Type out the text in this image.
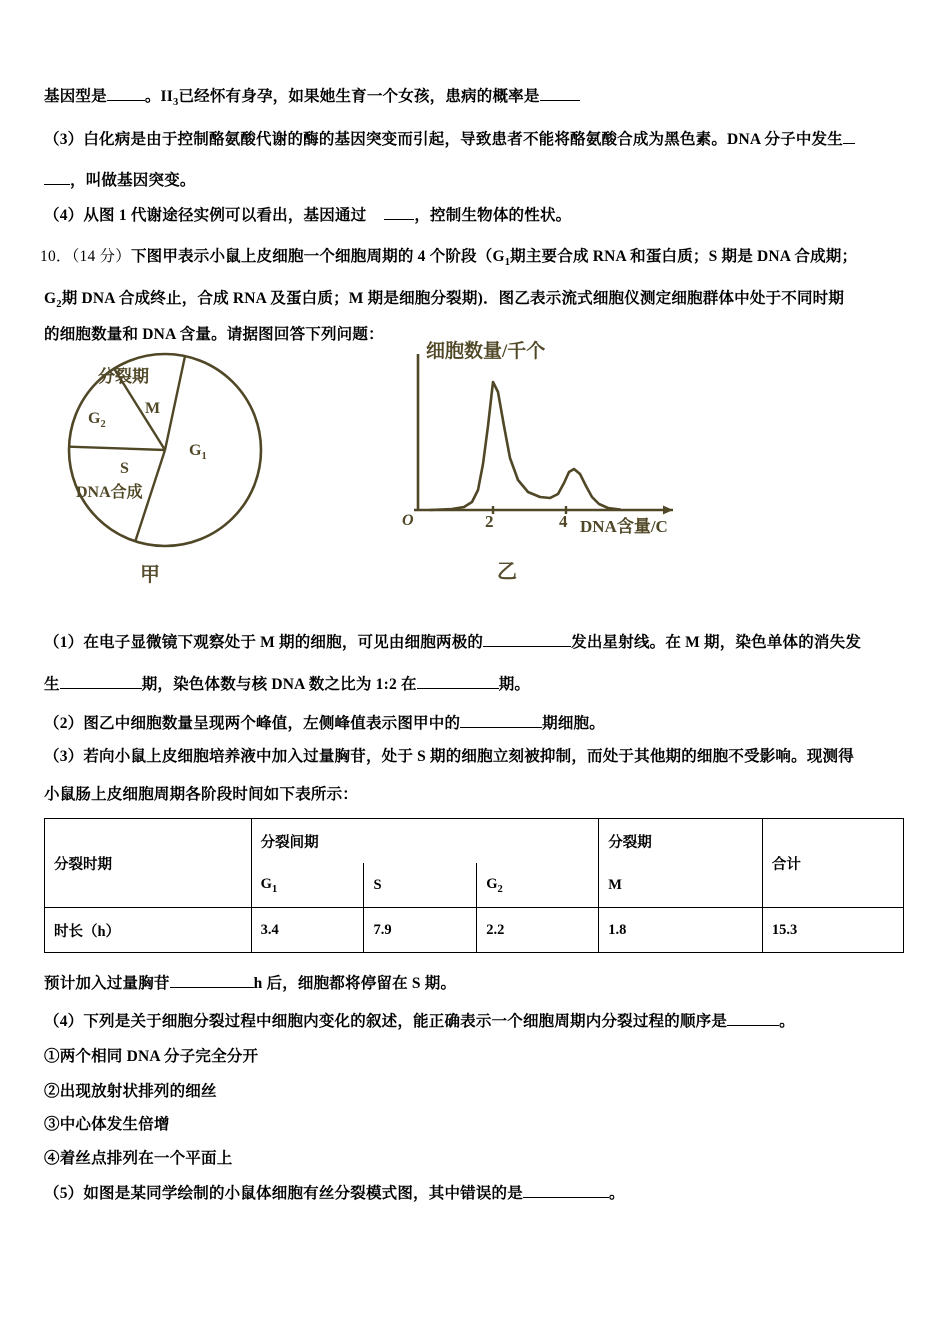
基因型是 。$II_3$已经怀有身孕，如果她生育一个女孩，患病的概率是
（3）白化病是由于控制酪氨酸代谢的酶的基因突变而引起，导致患者不能将酪氨酸合成为黑色素。DNA 分子中发生
，叫做基因突变。
（4）从图 1 代谢途径实例可以看出，基因通过	，控制生物体的性状。
10．（14 分）下图甲表示小鼠上皮细胞一个细胞周期的 4 个阶段（$G_1$期主要合成 RNA 和蛋白质；S 期是 DNA 合成期；
$G_2$期 DNA 合成终止，合成 RNA 及蛋白质；M 期是细胞分裂期)．图乙表示流式细胞仪测定细胞群体中处于不同时期
的细胞数量和 DNA 含量。请据图回答下列问题：
分裂期
M
$G_2$
$G_1$
S
DNA合成
甲
细胞数量/千个
O	2	4 DNA含量/C
乙
（1）在电子显微镜下观察处于 M 期的细胞，可见由细胞两极的	发出星射线。在 M 期，染色单体的消失发
生	期，染色体数与核 DNA 数之比为 1:2 在	期。
（2）图乙中细胞数量呈现两个峰值，左侧峰值表示图甲中的	期细胞。
（3）若向小鼠上皮细胞培养液中加入过量胸苷，处于 S 期的细胞立刻被抑制，而处于其他期的细胞不受影响。现测得
小鼠肠上皮细胞周期各阶段时间如下表所示：
分裂时期	分裂间期			分裂期	合计
	$G_1$	S	$G_2$	M	
时长（h）	3.4	7.9	2.2	1.8	15.3
预计加入过量胸苷	h 后，细胞都将停留在 S 期。
（4）下列是关于细胞分裂过程中细胞内变化的叙述，能正确表示一个细胞周期内分裂过程的顺序是	。
①两个相同 DNA 分子完全分开
②出现放射状排列的细丝
③中心体发生倍增
④着丝点排列在一个平面上
（5）如图是某同学绘制的小鼠体细胞有丝分裂模式图，其中错误的是	。
